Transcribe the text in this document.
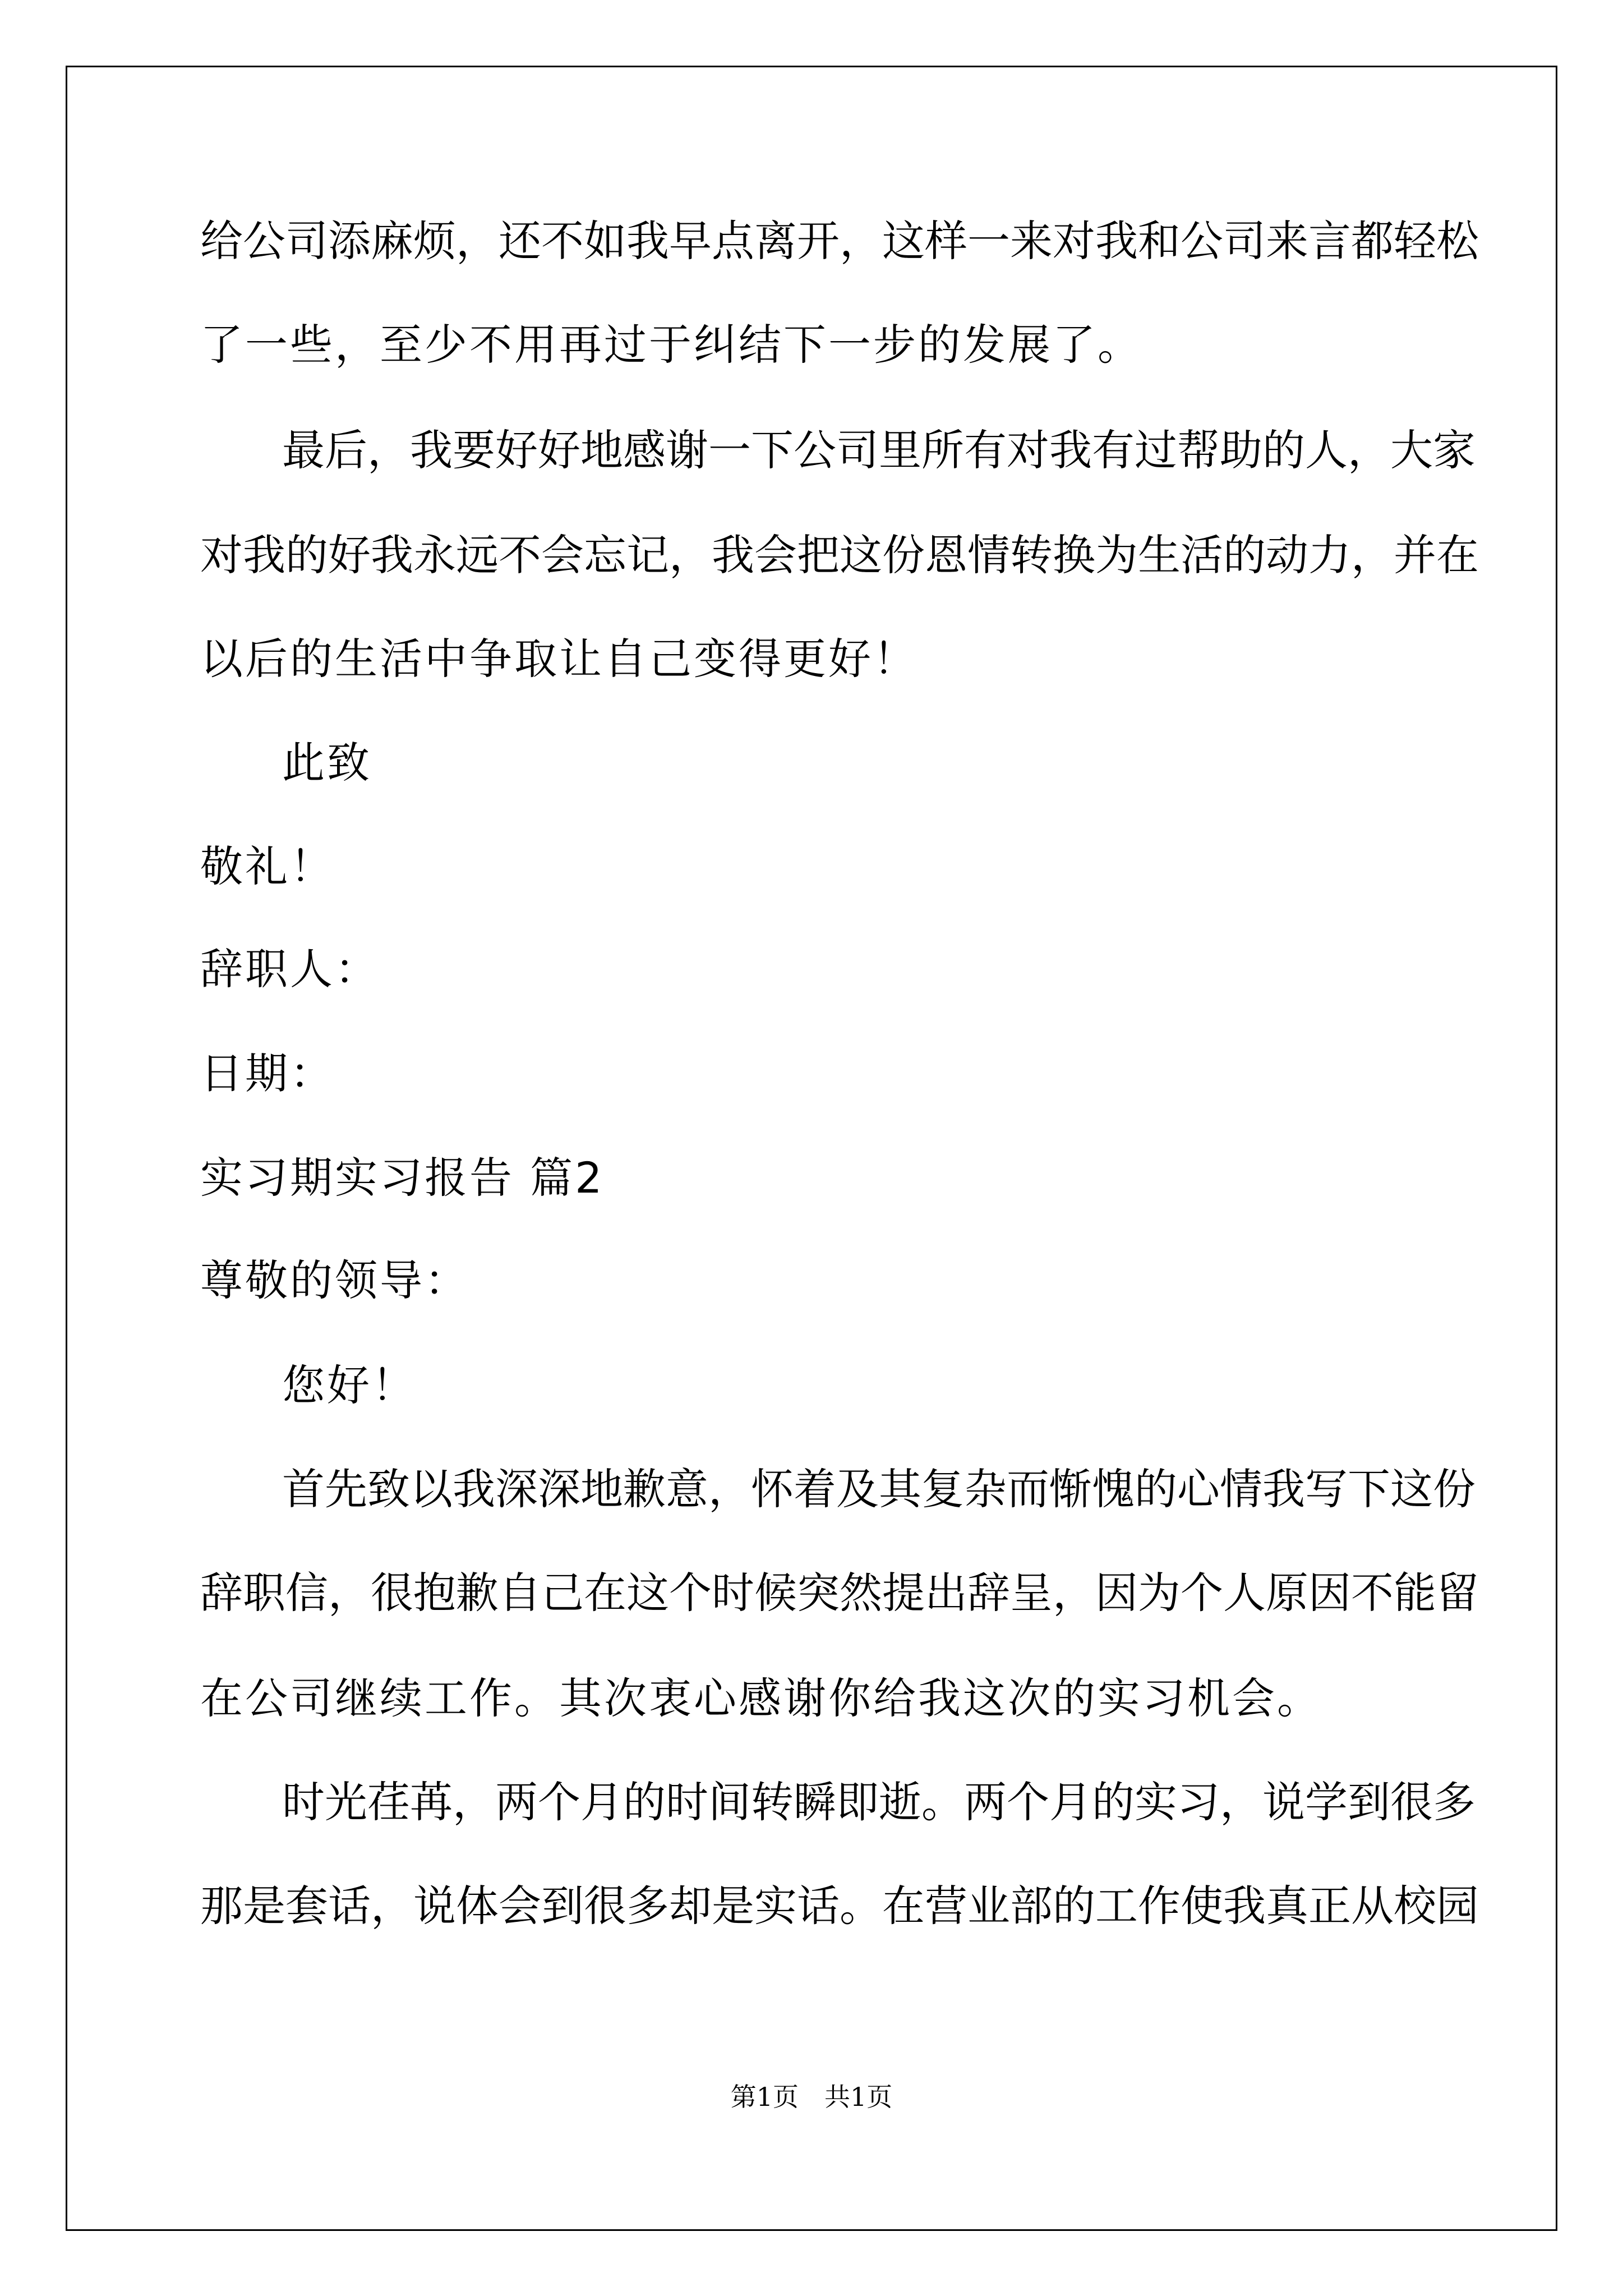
给公司添麻烦，还不如我早点离开，这样一来对我和公司来言都轻松
了一些，至少不用再过于纠结下一步的发展了。
最后，我要好好地感谢一下公司里所有对我有过帮助的人，大家
对我的好我永远不会忘记，我会把这份恩情转换为生活的动力，并在
以后的生活中争取让自己变得更好！
此致
敬礼！
辞职人：
日期：
实习期实习报告 篇2
尊敬的领导：
您好！
首先致以我深深地歉意，怀着及其复杂而惭愧的心情我写下这份
辞职信，很抱歉自己在这个时候突然提出辞呈，因为个人原因不能留
在公司继续工作。其次衷心感谢你给我这次的实习机会。
时光荏苒，两个月的时间转瞬即逝。两个月的实习，说学到很多
那是套话，说体会到很多却是实话。在营业部的工作使我真正从校园
第1页　共1页
